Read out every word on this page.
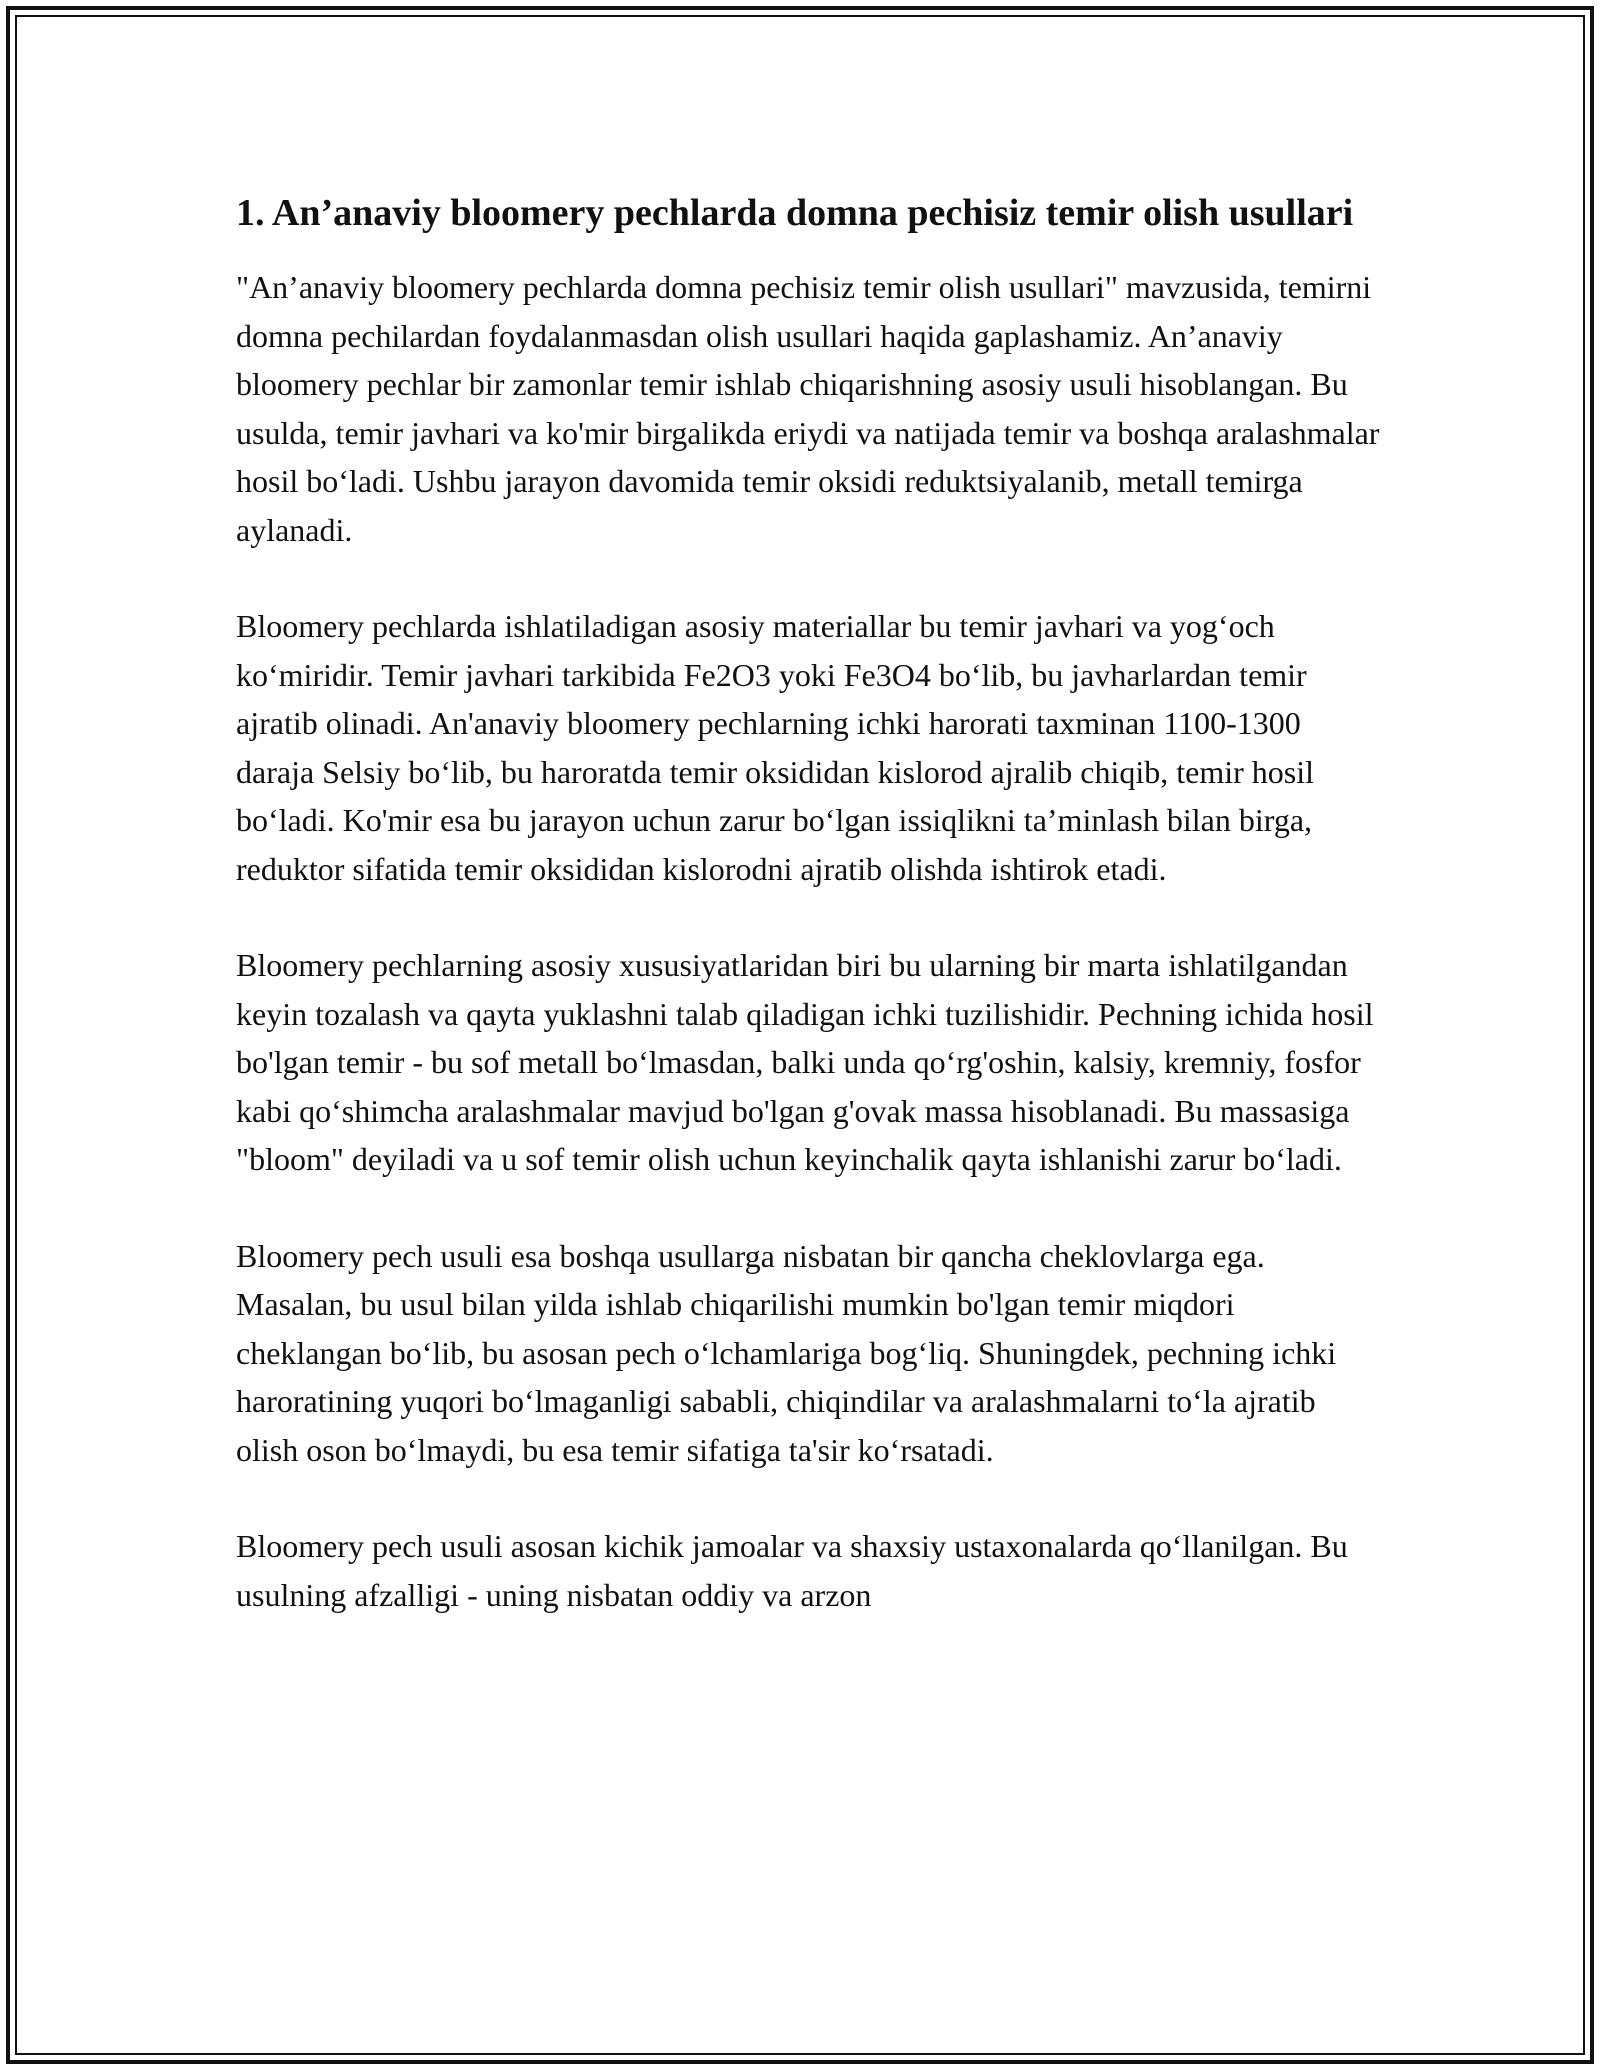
1. An’anaviy bloomery pechlarda domna pechisiz temir olish usullari

"An’anaviy bloomery pechlarda domna pechisiz temir olish usullari" mavzusida, temirni domna pechilardan foydalanmasdan olish usullari haqida gaplashamiz. An’anaviy bloomery pechlar bir zamonlar temir ishlab chiqarishning asosiy usuli hisoblangan. Bu usulda, temir javhari va ko'mir birgalikda eriydi va natijada temir va boshqa aralashmalar hosil bo‘ladi. Ushbu jarayon davomida temir oksidi reduktsiyalanib, metall temirga aylanadi.

Bloomery pechlarda ishlatiladigan asosiy materiallar bu temir javhari va yog‘och ko‘miridir. Temir javhari tarkibida Fe2O3 yoki Fe3O4 bo‘lib, bu javharlardan temir ajratib olinadi. An'anaviy bloomery pechlarning ichki harorati taxminan 1100-1300 daraja Selsiy bo‘lib, bu haroratda temir oksididan kislorod ajralib chiqib, temir hosil bo‘ladi. Ko'mir esa bu jarayon uchun zarur bo‘lgan issiqlikni ta’minlash bilan birga, reduktor sifatida temir oksididan kislorodni ajratib olishda ishtirok etadi.

Bloomery pechlarning asosiy xususiyatlaridan biri bu ularning bir marta ishlatilgandan keyin tozalash va qayta yuklashni talab qiladigan ichki tuzilishidir. Pechning ichida hosil bo'lgan temir - bu sof metall bo‘lmasdan, balki unda qo‘rg'oshin, kalsiy, kremniy, fosfor kabi qo‘shimcha aralashmalar mavjud bo'lgan g'ovak massa hisoblanadi. Bu massasiga "bloom" deyiladi va u sof temir olish uchun keyinchalik qayta ishlanishi zarur bo‘ladi.

Bloomery pech usuli esa boshqa usullarga nisbatan bir qancha cheklovlarga ega. Masalan, bu usul bilan yilda ishlab chiqarilishi mumkin bo'lgan temir miqdori cheklangan bo‘lib, bu asosan pech o‘lchamlariga bog‘liq. Shuningdek, pechning ichki haroratining yuqori bo‘lmaganligi sababli, chiqindilar va aralashmalarni to‘la ajratib olish oson bo‘lmaydi, bu esa temir sifatiga ta'sir ko‘rsatadi.

Bloomery pech usuli asosan kichik jamoalar va shaxsiy ustaxonalarda qo‘llanilgan. Bu usulning afzalligi - uning nisbatan oddiy va arzon
